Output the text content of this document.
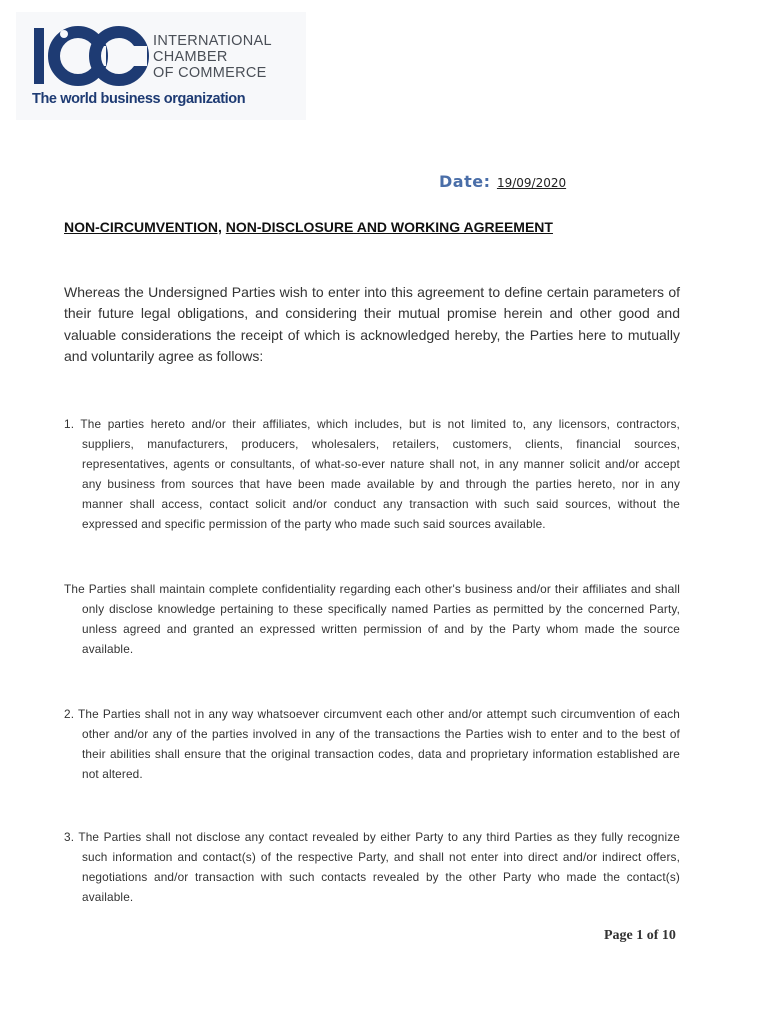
INTERNATIONAL
CHAMBER
OF COMMERCE
The world business organization
Date: 19/09/2020
NON-CIRCUMVENTION, NON-DISCLOSURE AND WORKING AGREEMENT

Whereas the Undersigned Parties wish to enter into this agreement to define certain parameters of their future legal obligations, and considering their mutual promise herein and other good and valuable considerations the receipt of which is acknowledged hereby, the Parties here to mutually and voluntarily agree as follows:

1. The parties hereto and/or their affiliates, which includes, but is not limited to, any licensors, contractors, suppliers, manufacturers, producers, wholesalers, retailers, customers, clients, financial sources, representatives, agents or consultants, of what-so-ever nature shall not, in any manner solicit and/or accept any business from sources that have been made available by and through the parties hereto, nor in any manner shall access, contact solicit and/or conduct any transaction with such said sources, without the expressed and specific permission of the party who made such said sources available.

The Parties shall maintain complete confidentiality regarding each other's business and/or their affiliates and shall only disclose knowledge pertaining to these specifically named Parties as permitted by the concerned Party, unless agreed and granted an expressed written permission of and by the Party whom made the source available.

2. The Parties shall not in any way whatsoever circumvent each other and/or attempt such circumvention of each other and/or any of the parties involved in any of the transactions the Parties wish to enter and to the best of their abilities shall ensure that the original transaction codes, data and proprietary information established are not altered.

3. The Parties shall not disclose any contact revealed by either Party to any third Parties as they fully recognize such information and contact(s) of the respective Party, and shall not enter into direct and/or indirect offers, negotiations and/or transaction with such contacts revealed by the other Party who made the contact(s) available.

Page 1 of 10
